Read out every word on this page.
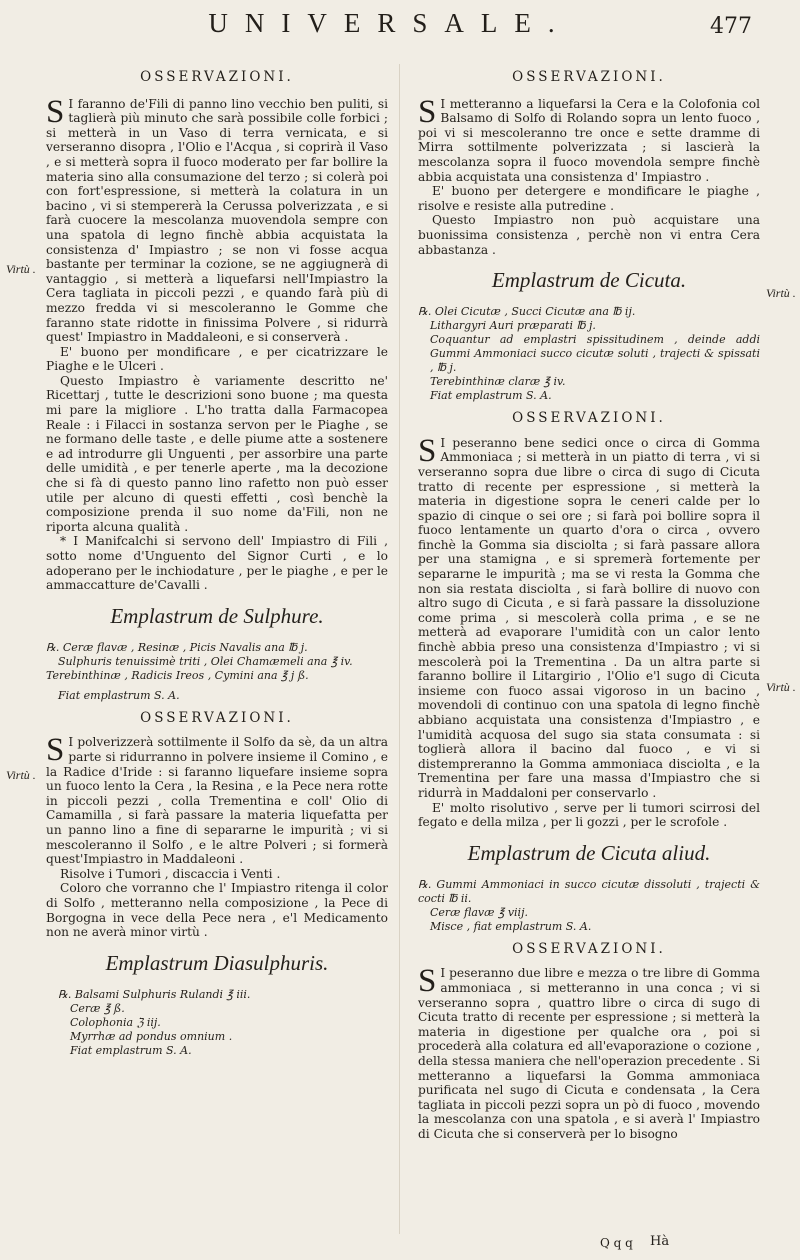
UNIVERSALE.	477
OSSERVAZIONI.

S I faranno de'Fili di panno lino vecchio ben puliti, si taglierà più minuto che sarà possibile colle forbici ; si metterà in un Vaso di terra vernicata, e si verseranno disopra , l'Olio e l'Acqua , si coprirà il Vaso , e si metterà sopra il fuoco moderato per far bollire la materia sino alla consumazione del terzo ; si colerà poi con fort'espressione, si metterà la colatura in un bacino , vi si stempererà la Cerussa polverizzata , e si farà cuocere la mescolanza muovendola sempre con una spatola di legno finchè abbia acquistata la consistenza d' Impiastro ; se non vi fosse acqua bastante per terminar la cozione, se ne aggiugnerà di vantaggio , si metterà a liquefarsi nell'Impiastro la Cera tagliata in piccoli pezzi , e quando farà più di mezzo fredda vi si mescoleranno le Gomme che faranno state ridotte in finissima Polvere , si ridurrà quest' Impiastro in Maddaleoni, e si conserverà .

E' buono per mondificare , e per cicatrizzare le Piaghe e le Ulceri .

Questo Impiastro è variamente descritto ne' Ricettarj , tutte le descrizioni sono buone ; ma questa mi pare la migliore . L'ho tratta dalla Farmacopea Reale : i Filacci in sostanza servon per le Piaghe , se ne formano delle taste , e delle piume atte a sostenere e ad introdurre gli Unguenti , per assorbire una parte delle umidità , e per tenerle aperte , ma la decozione che si fà di questo panno lino rafetto non può esser utile per alcuno di questi effetti , così benchè la composizione prenda il suo nome da'Fili, non ne riporta alcuna qualità .

* I Manifcalchi si servono dell' Impiastro di Fili , sotto nome d'Unguento del Signor Curti , e lo adoperano per le inchiodature , per le piaghe , e per le ammaccatture de'Cavalli .

Emplastrum de Sulphure.
℞. Ceræ flavæ , Resinæ , Picis Navalis ana ℔ j.
Sulphuris tenuissimè triti , Olei Chamæmeli ana ℥ iv.
Terebinthinæ , Radicis Ireos , Cymini ana ℥ j ß.
Fiat emplastrum S. A.
OSSERVAZIONI.

S I polverizzerà sottilmente il Solfo da sè, da un altra parte si ridurranno in polvere insieme il Comino , e la Radice d'Iride : si faranno liquefare insieme sopra un fuoco lento la Cera , la Resina , e la Pece nera rotte in piccoli pezzi , colla Trementina e coll' Olio di Camamilla , si farà passare la materia liquefatta per un panno lino a fine di separarne le impurità ; vi si mescoleranno il Solfo , e le altre Polveri ; si formerà quest'Impiastro in Maddaleoni .

Risolve i Tumori , discaccia i Venti .

Coloro che vorranno che l' Impiastro ritenga il color di Solfo , metteranno nella composizione , la Pece di Borgogna in vece della Pece nera , e'l Medicamento non ne averà minor virtù .

Emplastrum Diasulphuris.
℞. Balsami Sulphuris Rulandi ℥ iii.
Ceræ ℥ ß.
Colophonia ℨ iij.
Myrrhæ ad pondus omnium .
Fiat emplastrum S. A.
Virtù .
Virtù .
OSSERVAZIONI.

S I metteranno a liquefarsi la Cera e la Colofonia col Balsamo di Solfo di Rolando sopra un lento fuoco , poi vi si mescoleranno tre once e sette dramme di Mirra sottilmente polverizzata ; si lascierà la mescolanza sopra il fuoco movendola sempre finchè abbia acquistata una consistenza d' Impiastro .

E' buono per detergere e mondificare le piaghe , risolve e resiste alla putredine .

Questo Impiastro non può acquistare una buonissima consistenza , perchè non vi entra Cera abbastanza .

Emplastrum de Cicuta.
℞. Olei Cicutæ , Succi Cicutæ ana ℔ ij.
Lithargyri Auri præparati ℔ j.
Coquantur ad emplastri spissitudinem , deinde addi Gummi Ammoniaci succo cicutæ soluti , trajecti & spissati , ℔ j.
Terebinthinæ claræ ℥ iv.
Fiat emplastrum S. A.
OSSERVAZIONI.

S I peseranno bene sedici once o circa di Gomma Ammoniaca ; si metterà in un piatto di terra , vi si verseranno sopra due libre o circa di sugo di Cicuta tratto di recente per espressione , si metterà la materia in digestione sopra le ceneri calde per lo spazio di cinque o sei ore ; si farà poi bollire sopra il fuoco lentamente un quarto d'ora o circa , ovvero finchè la Gomma sia disciolta ; si farà passare allora per una stamigna , e si spremerà fortemente per separarne le impurità ; ma se vi resta la Gomma che non sia restata disciolta , si farà bollire di nuovo con altro sugo di Cicuta , e si farà passare la dissoluzione come prima , si mescolerà colla prima , e se ne metterà ad evaporare l'umidità con un calor lento finchè abbia preso una consistenza d'Impiastro ; vi si mescolerà poi la Trementina . Da un altra parte si faranno bollire il Litargirio , l'Olio e'l sugo di Cicuta insieme con fuoco assai vigoroso in un bacino , movendoli di continuo con una spatola di legno finchè abbiano acquistata una consistenza d'Impiastro , e l'umidità acquosa del sugo sia stata consumata : si toglierà allora il bacino dal fuoco , e vi si distempreranno la Gomma ammoniaca disciolta , e la Trementina per fare una massa d'Impiastro che si ridurrà in Maddaloni per conservarlo .

E' molto risolutivo , serve per li tumori scirrosi del fegato e della milza , per li gozzi , per le scrofole .

Emplastrum de Cicuta aliud.
℞. Gummi Ammoniaci in succo cicutæ dissoluti , trajecti & cocti ℔ ii.
Ceræ flavæ ℥ viij.
Misce , fiat emplastrum S. A.
OSSERVAZIONI.

S I peseranno due libre e mezza o tre libre di Gomma ammoniaca , si metteranno in una conca ; vi si verseranno sopra , quattro libre o circa di sugo di Cicuta tratto di recente per espressione ; si metterà la materia in digestione per qualche ora , poi si procederà alla colatura ed all'evaporazione o cozione , della stessa maniera che nell'operazion precedente . Si metteranno a liquefarsi la Gomma ammoniaca purificata nel sugo di Cicuta e condensata , la Cera tagliata in piccoli pezzi sopra un pò di fuoco , movendo la mescolanza con una spatola , e si averà l' Impiastro di Cicuta che si conserverà per lo bisogno

Virtù .
Virtù .
Q q q Hà
